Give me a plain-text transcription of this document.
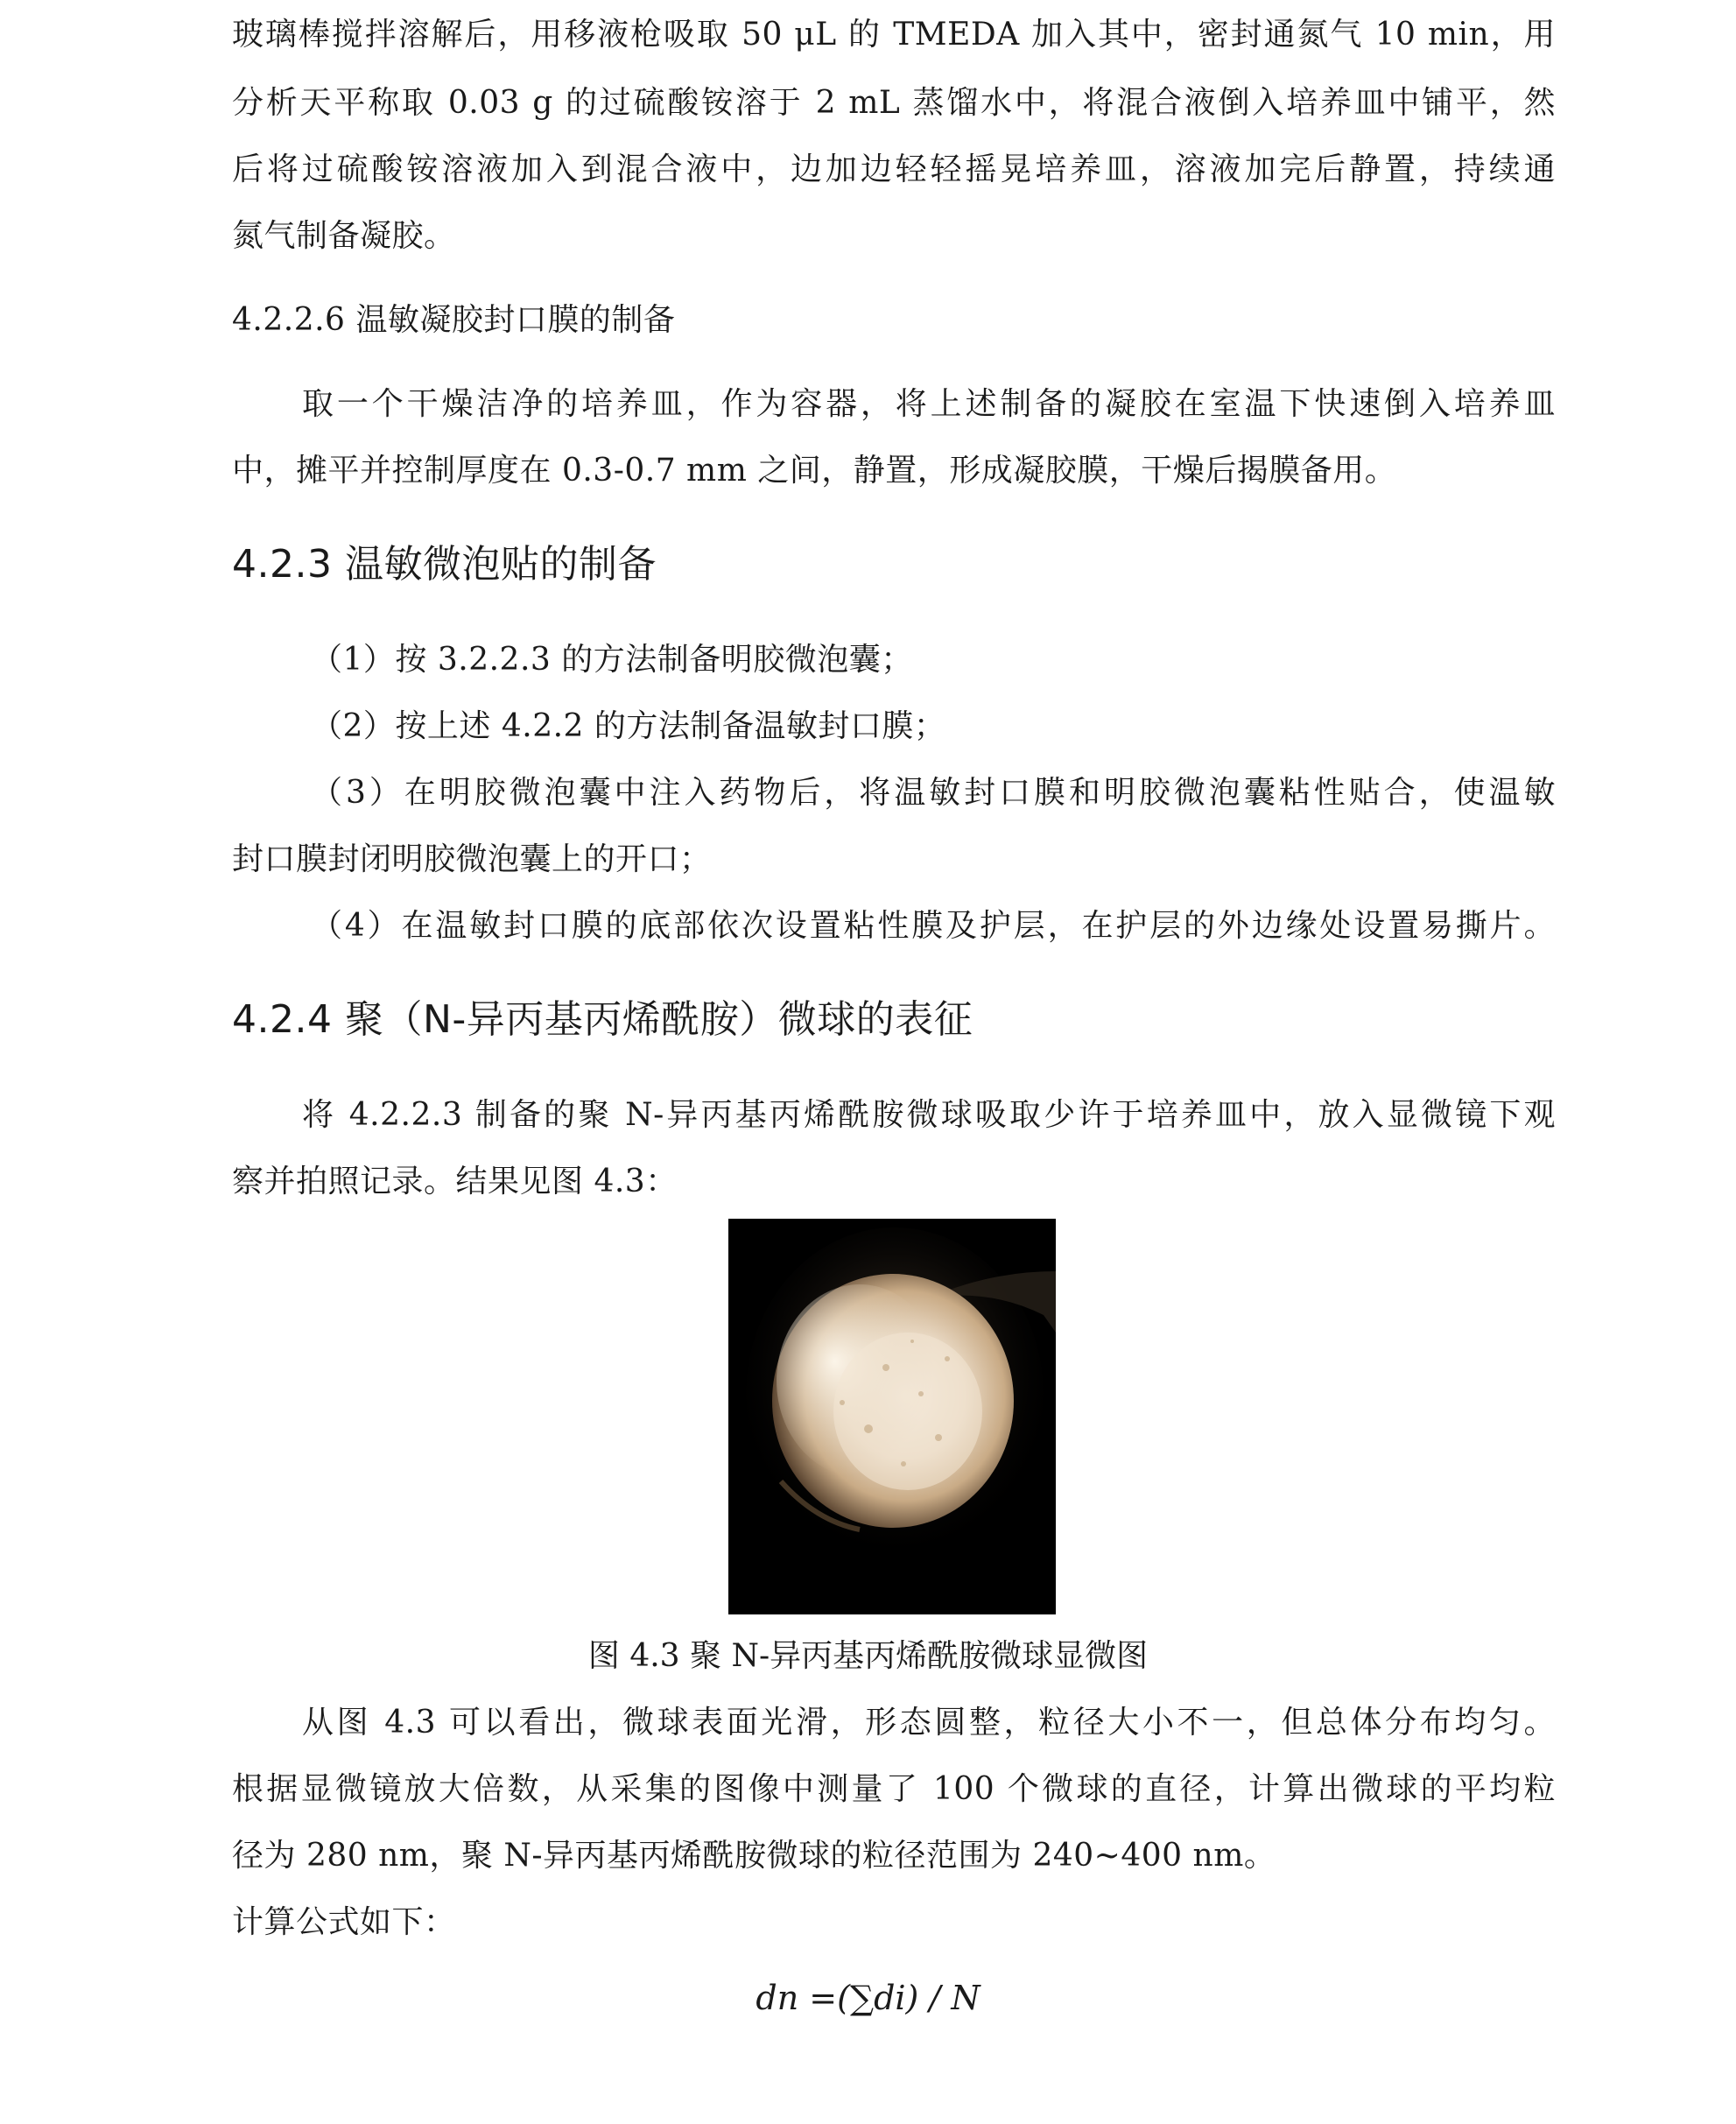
玻璃棒搅拌溶解后，用移液枪吸取 50 μL 的 TMEDA 加入其中，密封通氮气 10 min，用
分析天平称取 0.03 g 的过硫酸铵溶于 2 mL 蒸馏水中，将混合液倒入培养皿中铺平，然
后将过硫酸铵溶液加入到混合液中，边加边轻轻摇晃培养皿，溶液加完后静置，持续通
氮气制备凝胶。
4.2.2.6 温敏凝胶封口膜的制备
取一个干燥洁净的培养皿，作为容器，将上述制备的凝胶在室温下快速倒入培养皿
中，摊平并控制厚度在 0.3-0.7 mm 之间，静置，形成凝胶膜，干燥后揭膜备用。
4.2.3 温敏微泡贴的制备
（1）按 3.2.2.3 的方法制备明胶微泡囊；
（2）按上述 4.2.2 的方法制备温敏封口膜；
（3）在明胶微泡囊中注入药物后，将温敏封口膜和明胶微泡囊粘性贴合，使温敏
封口膜封闭明胶微泡囊上的开口；
（4）在温敏封口膜的底部依次设置粘性膜及护层，在护层的外边缘处设置易撕片。
4.2.4 聚（N-异丙基丙烯酰胺）微球的表征
将 4.2.2.3 制备的聚 N-异丙基丙烯酰胺微球吸取少许于培养皿中，放入显微镜下观
察并拍照记录。结果见图 4.3：
图 4.3 聚 N-异丙基丙烯酰胺微球显微图
从图 4.3 可以看出，微球表面光滑，形态圆整，粒径大小不一，但总体分布均匀。
根据显微镜放大倍数，从采集的图像中测量了 100 个微球的直径，计算出微球的平均粒
径为 280 nm，聚 N-异丙基丙烯酰胺微球的粒径范围为 240~400 nm。
计算公式如下：
dn =(∑di) / N
